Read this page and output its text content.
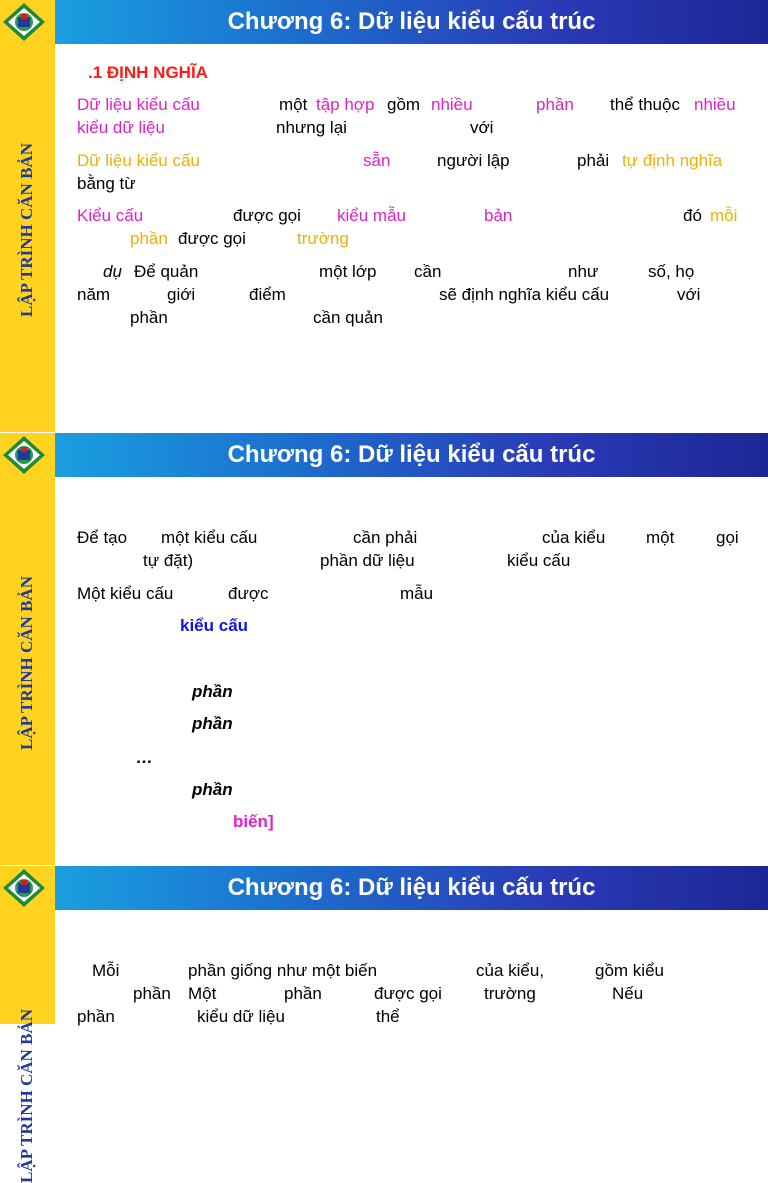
LẬP TRÌNH CĂN BẢN
Chương 6: Dữ liệu kiểu cấu trúc
.1 ĐỊNH NGHĨA
Dữ liệu kiểu cấu	một tập hợp gồm nhiều	phần thể thuộc nhiều
kiểu dữ liệu	nhưng lại	với
Dữ liệu kiểu cấu	sẵn	người lập	phải tự định nghĩa
bằng từ
Kiểu cấu	được gọi kiểu mẫu	bản	đó mỗi
phần được gọi	trường
dụ Để quản	một lớp cần	như	số, họ
năm	giới	điểm	sẽ định nghĩa kiểu cấu	với
phần	cần quản
LẬP TRÌNH CĂN BẢN
Chương 6: Dữ liệu kiểu cấu trúc
Để tạo một kiểu cấu	cần phải	của kiểu một gọi
tự đặt)	phần dữ liệu	kiểu cấu
Một kiểu cấu	được	mẫu
kiểu cấu
phần
phần
…
phần
biến]
LẬP TRÌNH CĂN BẢN
Chương 6: Dữ liệu kiểu cấu trúc
Mỗi	phần giống như một biến	của kiểu,	gồm kiểu
phần Một	phần	được gọi trường	Nếu
phần	kiểu dữ liệu	thể
